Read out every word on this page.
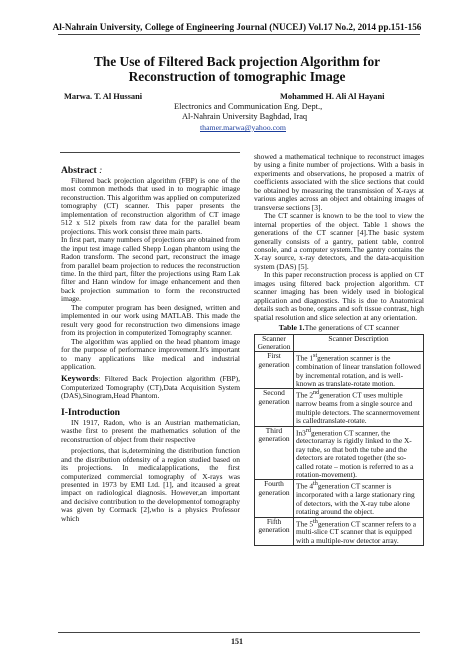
Al-Nahrain University, College of Engineering Journal (NUCEJ) Vol.17 No.2, 2014 pp.151-156
The Use of Filtered Back projection Algorithm for
Reconstruction of tomographic Image
Marwa. T. Al Hussani	Mohammed H. Ali Al Hayani
Electronics and Communication Eng. Dept.,
Al-Nahrain University Baghdad, Iraq
thamer.marwa@yahoo.com

Abstract :

Filtered back projection algorithm (FBP) is one of the most common methods that used in to mographic image reconstruction. This algorithm was applied on computerized tomography (CT) scanner. This paper presents the implementation of reconstruction algorithm of CT image 512 x 512 pixels from raw data for the parallel beam projections. This work consist three main parts.

In first part, many numbers of projections are obtained from the input test image called Shepp Logan phantom using the Radon transform. The second part, reconstruct the image from parallel beam projection to reduces the reconstruction time. In the third part, filter the projections using Ram Lak filter and Hann window for image enhancement and then back projection summation to form the reconstructed image.

The computer program has been designed, written and implemented in our work using MATLAB. This made the result very good for reconstruction two dimensions image from its projection in computerized Tomography scanner.

The algorithm was applied on the head phantom image for the purpose of performance improvement.It's important to many applications like medical and industrial application.

Keywords: Filtered Back Projection algorithm (FBP), Computerized Tomography (CT),Data Acquisition System (DAS),Sinogram,Head Phantom.

I-Introduction

IN 1917, Radon, who is an Austrian mathematician, wasthe first to present the mathematics solution of the reconstruction of object from their respective

projections, that is,determining the distribution function and the distribution ofdensity of a region studied based on its projections. In medicalapplications, the first computerized commercial tomography of X-rays was presented in 1973 by EMI Ltd. [1], and itcaused a great impact on radiological diagnosis. However,an important and decisive contribution to the developmentof tomography was given by Cormack [2],who is a physics Professor which

showed a mathematical technique to reconstruct images by using a finite number of projections. With a basis in experiments and observations, he proposed a matrix of coefficients associated with the slice sections that could be obtained by measuring the transmission of X-rays at various angles across an object and obtaining images of transverse sections [3].

The CT scanner is known to be the tool to view the internal properties of the object. Table 1 shows the generations of the CT scanner [4].The basic system generally consists of a gantry, patient table, control console, and a computer system.The gantry contains the X-ray source, x-ray detectors, and the data-acquisition system (DAS) [5].

In this paper reconstruction process is applied on CT images using filtered back projection algorithm. CT scanner imaging has been widely used in biological application and diagnostics. This is due to Anatomical details such as bone, organs and soft tissue contrast, high spatial resolution and slice selection at any orientation.

Table 1.The generations of CT scanner

Scanner Generation	Scanner Description
First generation	The 1stgeneration scanner is the combination of linear translation followed by incremental rotation, and is well-known as translate-rotate motion.
Second generation	The 2ndgeneration CT uses multiple narrow beams from a single source and multiple detectors. The scannermovement is calledtranslate-rotate.
Third generation	In3rdgeneration CT scanner, the detectorarray is rigidly linked to the X-ray tube, so that both the tube and the detectors are rotated together (the so-called rotate – motion is referred to as a rotation-movement).
Fourth generation	The 4thgeneration CT scanner is incorporated with a large stationary ring of detectors, with the X-ray tube alone rotating around the object.
Fifth generation	The 5thgeneration CT scanner refers to a multi-slice CT scanner that is equipped with a multiple-row detector array.
151
